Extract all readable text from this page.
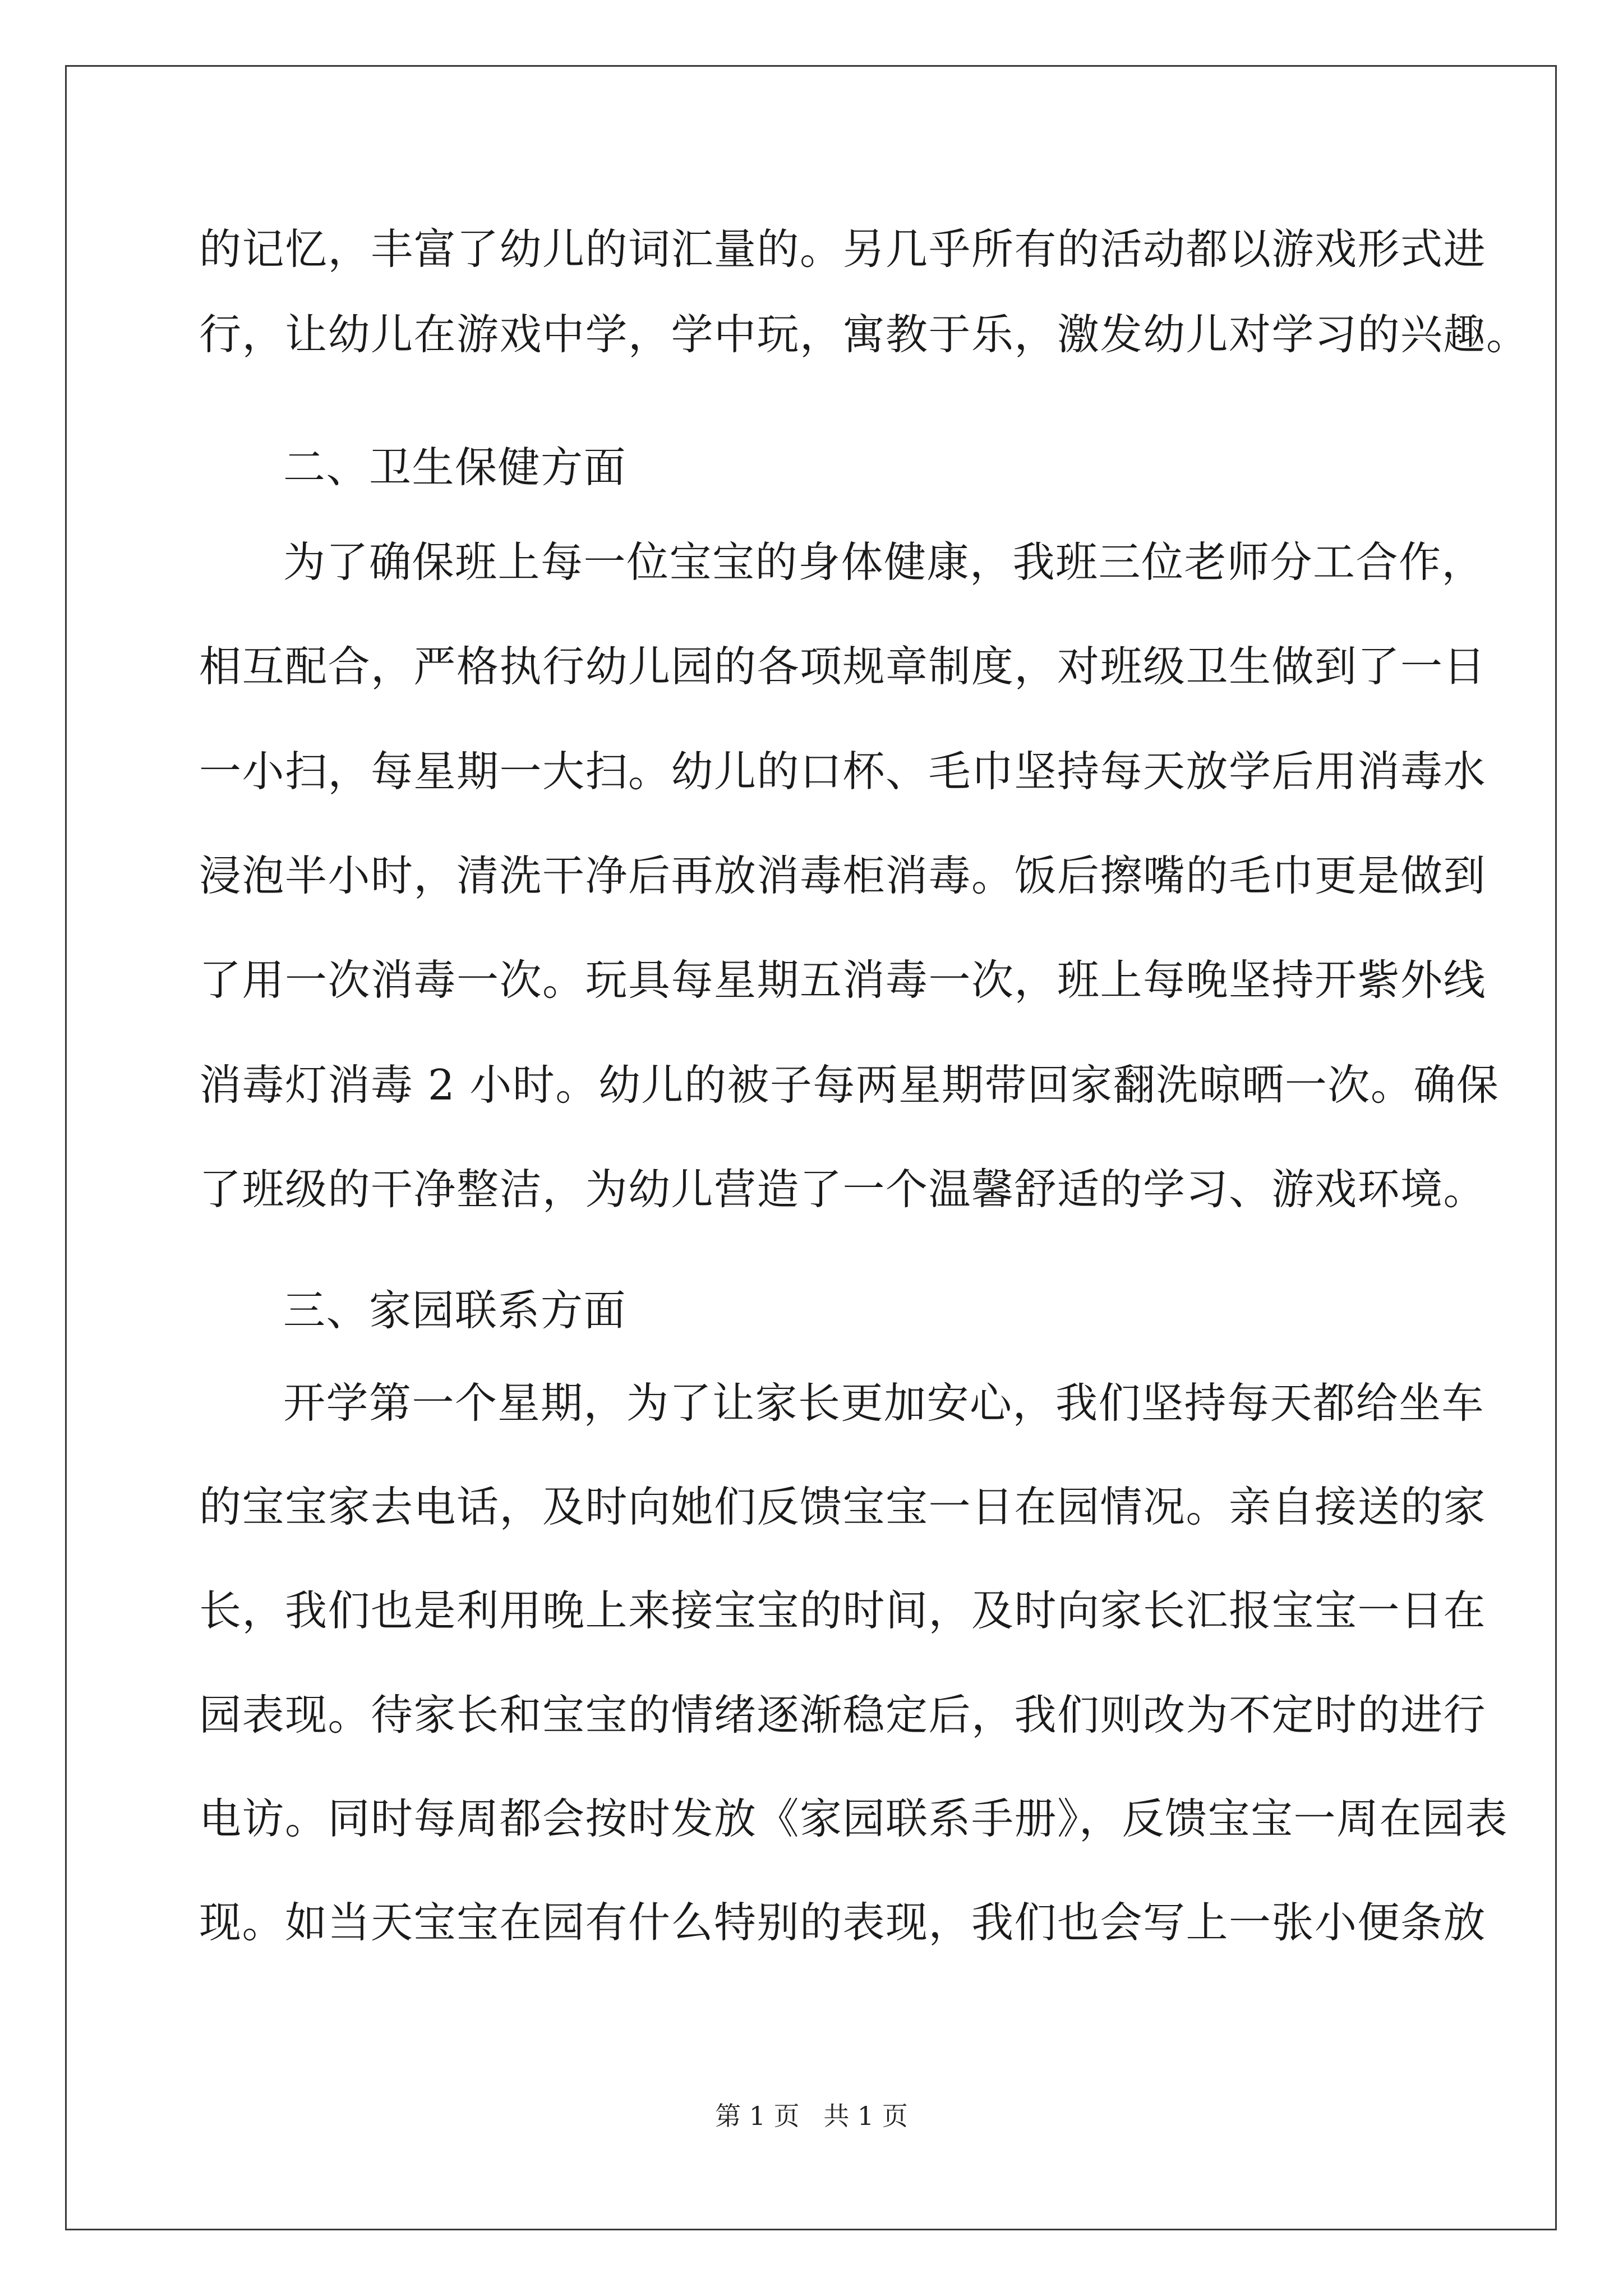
的记忆，丰富了幼儿的词汇量的。另几乎所有的活动都以游戏形式进
行，让幼儿在游戏中学，学中玩，寓教于乐，激发幼儿对学习的兴趣。
二、卫生保健方面
为了确保班上每一位宝宝的身体健康，我班三位老师分工合作，
相互配合，严格执行幼儿园的各项规章制度，对班级卫生做到了一日
一小扫，每星期一大扫。幼儿的口杯、毛巾坚持每天放学后用消毒水
浸泡半小时，清洗干净后再放消毒柜消毒。饭后擦嘴的毛巾更是做到
了用一次消毒一次。玩具每星期五消毒一次，班上每晚坚持开紫外线
消毒灯消毒 2 小时。幼儿的被子每两星期带回家翻洗晾晒一次。确保
了班级的干净整洁，为幼儿营造了一个温馨舒适的学习、游戏环境。
三、家园联系方面
开学第一个星期，为了让家长更加安心，我们坚持每天都给坐车
的宝宝家去电话，及时向她们反馈宝宝一日在园情况。亲自接送的家
长，我们也是利用晚上来接宝宝的时间，及时向家长汇报宝宝一日在
园表现。待家长和宝宝的情绪逐渐稳定后，我们则改为不定时的进行
电访。同时每周都会按时发放《家园联系手册》，反馈宝宝一周在园表
现。如当天宝宝在园有什么特别的表现，我们也会写上一张小便条放
第 1 页 共 1 页
